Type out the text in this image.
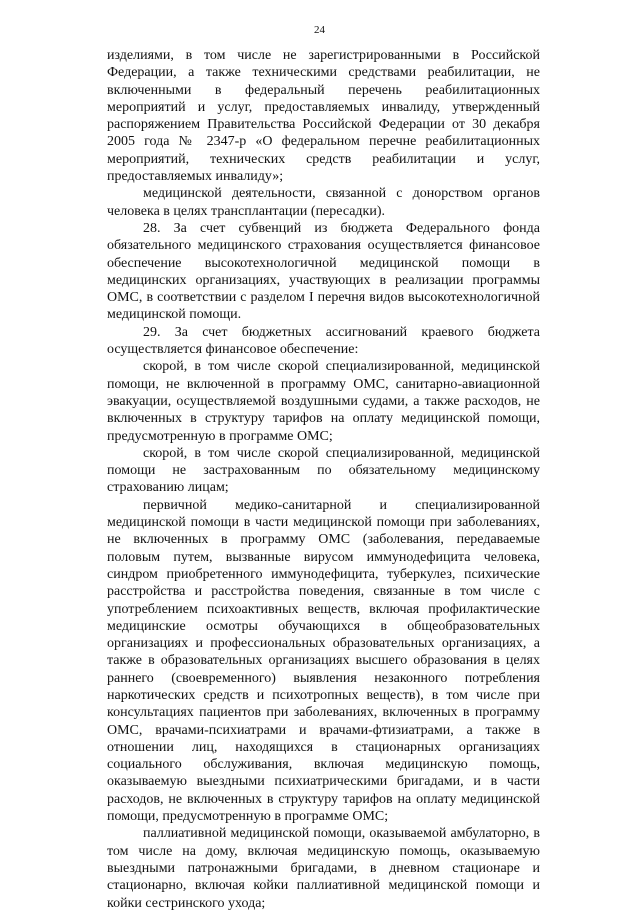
24

изделиями, в том числе не зарегистрированными в Российской Федерации, а также техническими средствами реабилитации, не включенными в федеральный перечень реабилитационных мероприятий и услуг, предоставляемых инвалиду, утвержденный распоряжением Правительства Российской Федерации от 30 декабря 2005 года № 2347-р «О федеральном перечне реабилитационных мероприятий, технических средств реабилитации и услуг, предоставляемых инвалиду»;

медицинской деятельности, связанной с донорством органов человека в целях трансплантации (пересадки).

28. За счет субвенций из бюджета Федерального фонда обязательного медицинского страхования осуществляется финансовое обеспечение высокотехнологичной медицинской помощи в медицинских организациях, участвующих в реализации программы ОМС, в соответствии с разделом I перечня видов высокотехнологичной медицинской помощи.

29. За счет бюджетных ассигнований краевого бюджета осуществляется финансовое обеспечение:

скорой, в том числе скорой специализированной, медицинской помощи, не включенной в программу ОМС, санитарно-авиационной эвакуации, осуществляемой воздушными судами, а также расходов, не включенных в структуру тарифов на оплату медицинской помощи, предусмотренную в программе ОМС;

скорой, в том числе скорой специализированной, медицинской помощи не застрахованным по обязательному медицинскому страхованию лицам;

первичной медико-санитарной и специализированной медицинской помощи в части медицинской помощи при заболеваниях, не включенных в программу ОМС (заболевания, передаваемые половым путем, вызванные вирусом иммунодефицита человека, синдром приобретенного иммунодефицита, туберкулез, психические расстройства и расстройства поведения, связанные в том числе с употреблением психоактивных веществ, включая профилактические медицинские осмотры обучающихся в общеобразовательных организациях и профессиональных образовательных организациях, а также в образовательных организациях высшего образования в целях раннего (своевременного) выявления незаконного потребления наркотических средств и психотропных веществ), в том числе при консультациях пациентов при заболеваниях, включенных в программу ОМС, врачами-психиатрами и врачами-фтизиатрами, а также в отношении лиц, находящихся в стационарных организациях социального обслуживания, включая медицинскую помощь, оказываемую выездными психиатрическими бригадами, и в части расходов, не включенных в структуру тарифов на оплату медицинской помощи, предусмотренную в программе ОМС;

паллиативной медицинской помощи, оказываемой амбулаторно, в том числе на дому, включая медицинскую помощь, оказываемую выездными патронажными бригадами, в дневном стационаре и стационарно, включая койки паллиативной медицинской помощи и койки сестринского ухода;
